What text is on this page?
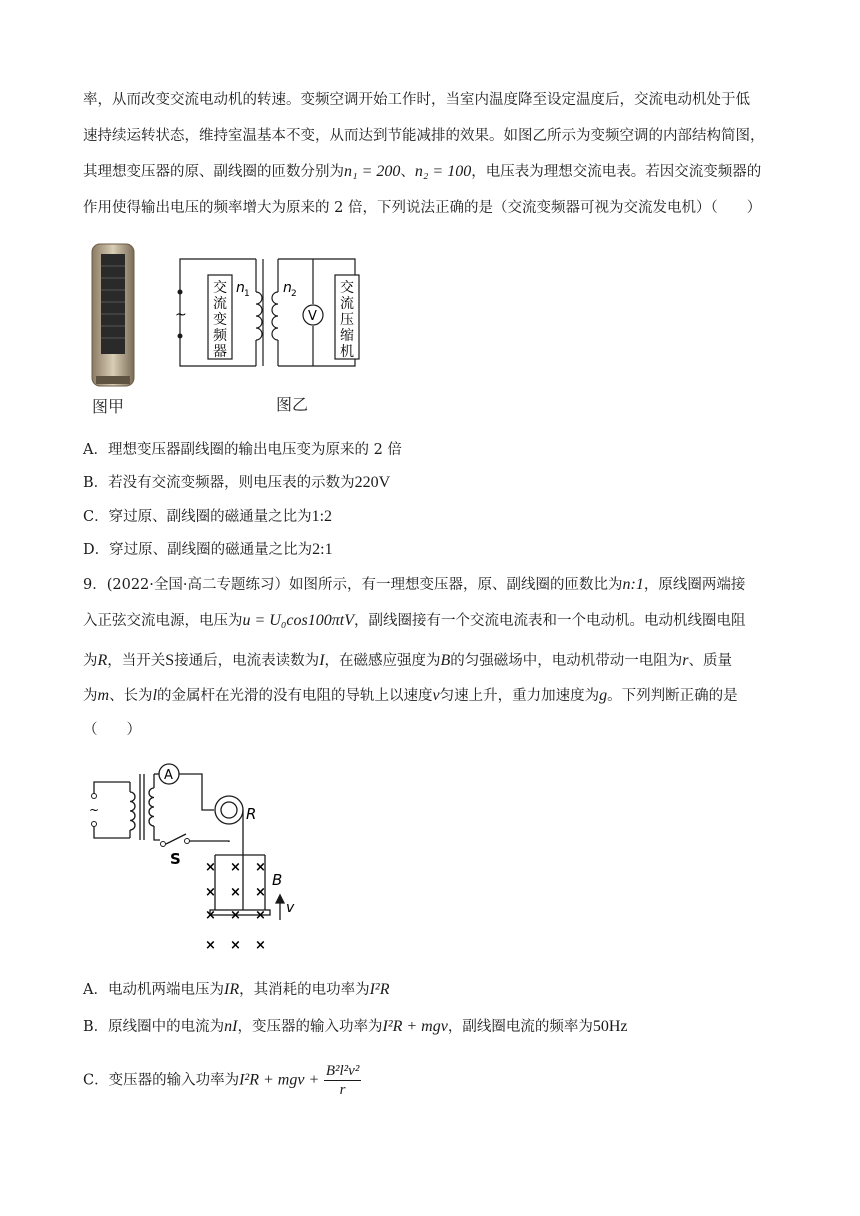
率，从而改变交流电动机的转速。变频空调开始工作时，当室内温度降至设定温度后，交流电动机处于低
速持续运转状态，维持室温基本不变，从而达到节能减排的效果。如图乙所示为变频空调的内部结构简图，
其理想变压器的原、副线圈的匝数分别为n₁ = 200、n₂ = 100，电压表为理想交流电表。若因交流变频器的
作用使得输出电压的频率增大为原来的 2 倍，下列说法正确的是（交流变频器可视为交流发电机）（　　）
图甲
~	V
n 1 n 2
交
流
变
频
器
交
流
压
缩
机
图乙
A．理想变压器副线圈的输出电压变为原来的 2 倍
B．若没有交流变频器，则电压表的示数为220V
C．穿过原、副线圈的磁通量之比为1:2
D．穿过原、副线圈的磁通量之比为2:1
9．(2022·全国·高二专题练习）如图所示，有一理想变压器，原、副线圈的匝数比为n:1，原线圈两端接
入正弦交流电源，电压为u = U₀cos100πtV，副线圈接有一个交流电流表和一个电动机。电动机线圈电阻
为R，当开关S接通后，电流表读数为I，在磁感应强度为B的匀强磁场中，电动机带动一电阻为r、质量
为m、长为l的金属杆在光滑的没有电阻的导轨上以速度v匀速上升，重力加速度为g。下列判断正确的是
（　　）
~
A
R
S
B
v
× × ×
× × ×
× × ×
× × ×
A．电动机两端电压为IR，其消耗的电功率为I²R
B．原线圈中的电流为nI，变压器的输入功率为I²R + mgv，副线圈电流的频率为50Hz
C．变压器的输入功率为I²R + mgv + $\frac{\text{B²l²v²}}{r}$
